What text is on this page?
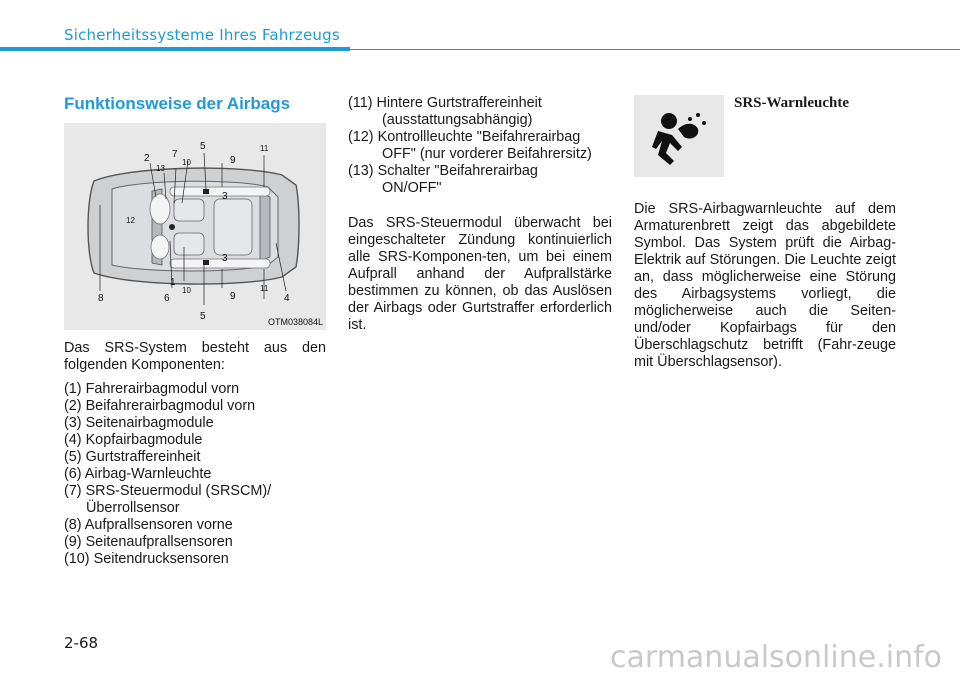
Sicherheitssysteme Ihres Fahrzeugs
Funktionsweise der Airbags
2
13
7
10
5
9
11
3
12
3
1
8	6
10
9	4
11
5	OTM038084L

Das SRS-System besteht aus den folgenden Komponenten:

(1) Fahrerairbagmodul vorn

(2) Beifahrerairbagmodul vorn

(3) Seitenairbagmodule

(4) Kopfairbagmodule

(5) Gurtstraffereinheit

(6) Airbag-Warnleuchte

(7) SRS-Steuermodul (SRSCM)/Überrollsensor

(8) Aufprallsensoren vorne

(9) Seitenaufprallsensoren

(10) Seitendrucksensoren

(11) Hintere Gurtstraffereinheit (ausstattungsabhängig)

(12) Kontrollleuchte "Beifahrerairbag OFF" (nur vorderer Beifahrersitz)

(13) Schalter "Beifahrerairbag ON/OFF"

Das SRS-Steuermodul überwacht bei eingeschalteter Zündung kontinuierlich alle SRS-Komponen-ten, um bei einem Aufprall anhand der Aufprallstärke bestimmen zu können, ob das Auslösen der Airbags oder Gurtstraffer erforderlich ist.

SRS-Warnleuchte

Die SRS-Airbagwarnleuchte auf dem Armaturenbrett zeigt das abgebildete Symbol. Das System prüft die Airbag-Elektrik auf Störungen. Die Leuchte zeigt an, dass möglicherweise eine Störung des Airbagsystems vorliegt, die möglicherweise auch die Seiten- und/oder Kopfairbags für den Überschlagschutz betrifft (Fahr-zeuge mit Überschlagsensor).

2-68	carmanualsonline.info
